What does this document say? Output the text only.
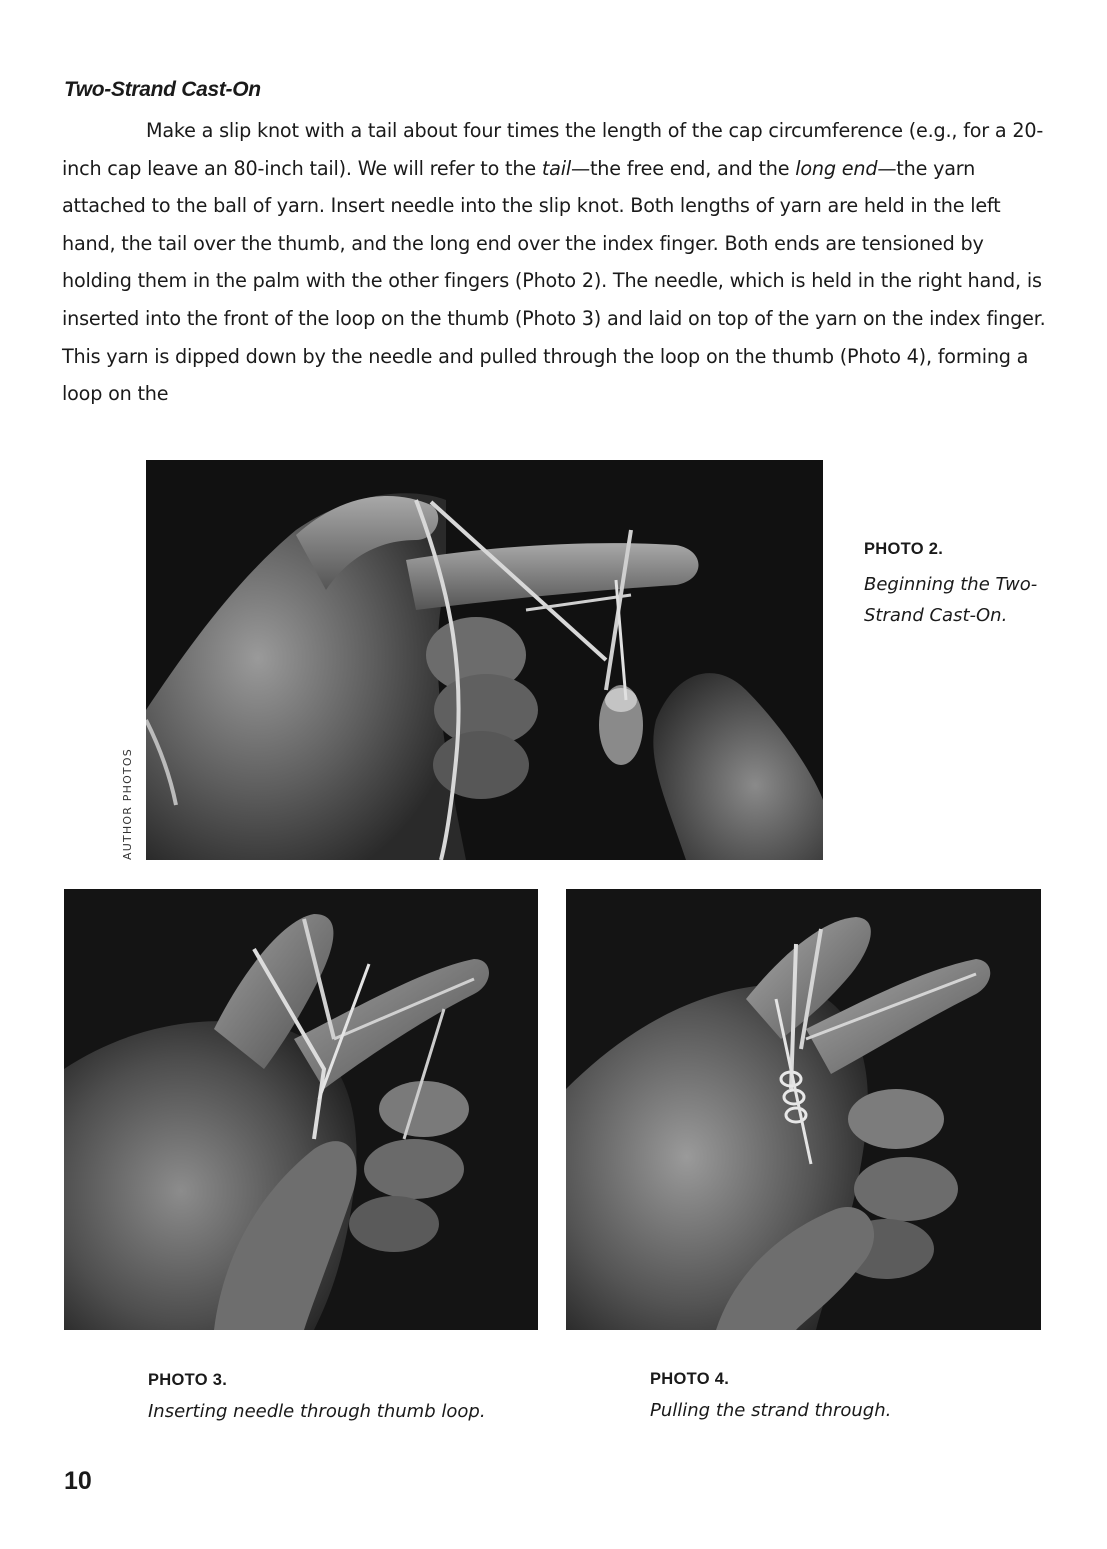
Two-Strand Cast-On

Make a slip knot with a tail about four times the length of the cap circumference (e.g., for a 20-inch cap leave an 80-inch tail). We will refer to the tail—the free end, and the long end—the yarn attached to the ball of yarn. Insert needle into the slip knot. Both lengths of yarn are held in the left hand, the tail over the thumb, and the long end over the index finger. Both ends are tensioned by holding them in the palm with the other fingers (Photo 2). The needle, which is held in the right hand, is inserted into the front of the loop on the thumb (Photo 3) and laid on top of the yarn on the index finger. This yarn is dipped down by the needle and pulled through the loop on the thumb (Photo 4), forming a loop on the

AUTHOR PHOTOS

PHOTO 2.

Beginning the Two-Strand Cast-On.

PHOTO 3.

Inserting needle through thumb loop.

PHOTO 4.

Pulling the strand through.

10
